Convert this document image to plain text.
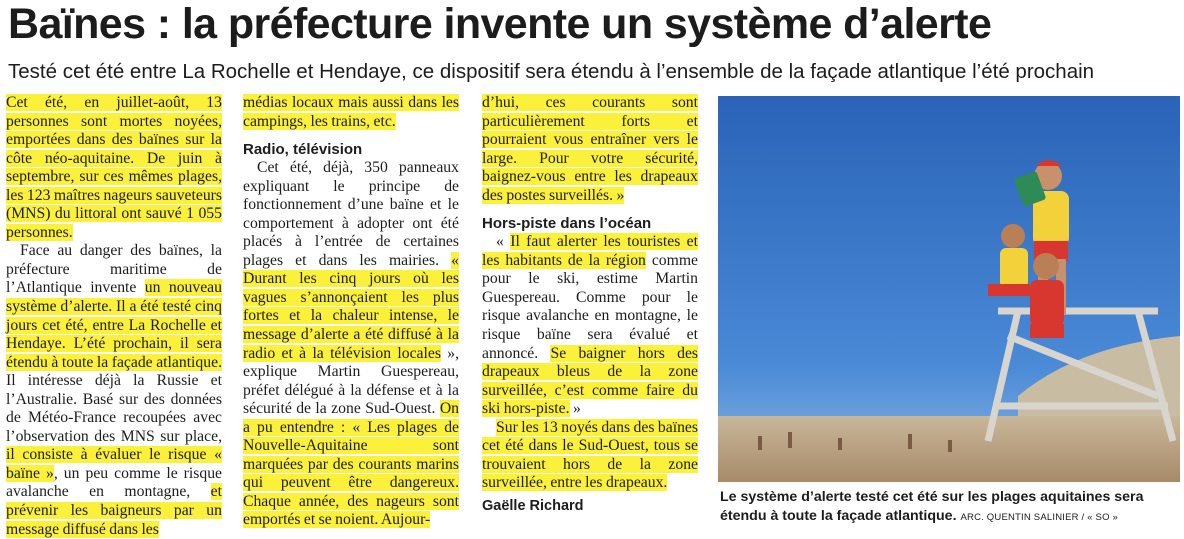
Baïnes : la préfecture invente un système d’alerte

Testé cet été entre La Rochelle et Hendaye, ce dispositif sera étendu à l’ensemble de la façade atlantique l’été prochain

Cet été, en juillet-août, 13 personnes sont mortes noyées, emportées dans des baïnes sur la côte néo-aquitaine. De juin à septembre, sur ces mêmes plages, les 123 maîtres nageurs sauveteurs (MNS) du littoral ont sauvé 1 055 personnes.

Face au danger des baïnes, la préfecture maritime de l’Atlantique invente un nouveau système d’alerte. Il a été testé cinq jours cet été, entre La Rochelle et Hendaye. L’été prochain, il sera étendu à toute la façade atlantique. Il intéresse déjà la Russie et l’Australie. Basé sur des données de Météo-France recoupées avec l’observation des MNS sur place, il consiste à évaluer le risque « baïne », un peu comme le risque avalanche en montagne, et prévenir les baigneurs par un message diffusé dans les

médias locaux mais aussi dans les campings, les trains, etc.

Radio, télévision

Cet été, déjà, 350 panneaux expliquant le principe de fonctionnement d’une baïne et le comportement à adopter ont été placés à l’entrée de certaines plages et dans les mairies. « Durant les cinq jours où les vagues s’annonçaient les plus fortes et la chaleur intense, le message d’alerte a été diffusé à la radio et à la télévision locales », explique Martin Guespereau, préfet délégué à la défense et à la sécurité de la zone Sud-Ouest. On a pu entendre : « Les plages de Nouvelle-Aquitaine sont marquées par des courants marins qui peuvent être dangereux. Chaque année, des nageurs sont emportés et se noient. Aujour-

d’hui, ces courants sont particulièrement forts et pourraient vous entraîner vers le large. Pour votre sécurité, baignez-vous entre les drapeaux des postes surveillés. »

Hors-piste dans l’océan

« Il faut alerter les touristes et les habitants de la région comme pour le ski, estime Martin Guespereau. Comme pour le risque avalanche en montagne, le risque baïne sera évalué et annoncé. Se baigner hors des drapeaux bleus de la zone surveillée, c’est comme faire du ski hors-piste. »

Sur les 13 noyés dans des baïnes cet été dans le Sud-Ouest, tous se trouvaient hors de la zone surveillée, entre les drapeaux.

Gaëlle Richard
Le système d’alerte testé cet été sur les plages aquitaines sera étendu à toute la façade atlantique. ARC. QUENTIN SALINIER / « SO »
